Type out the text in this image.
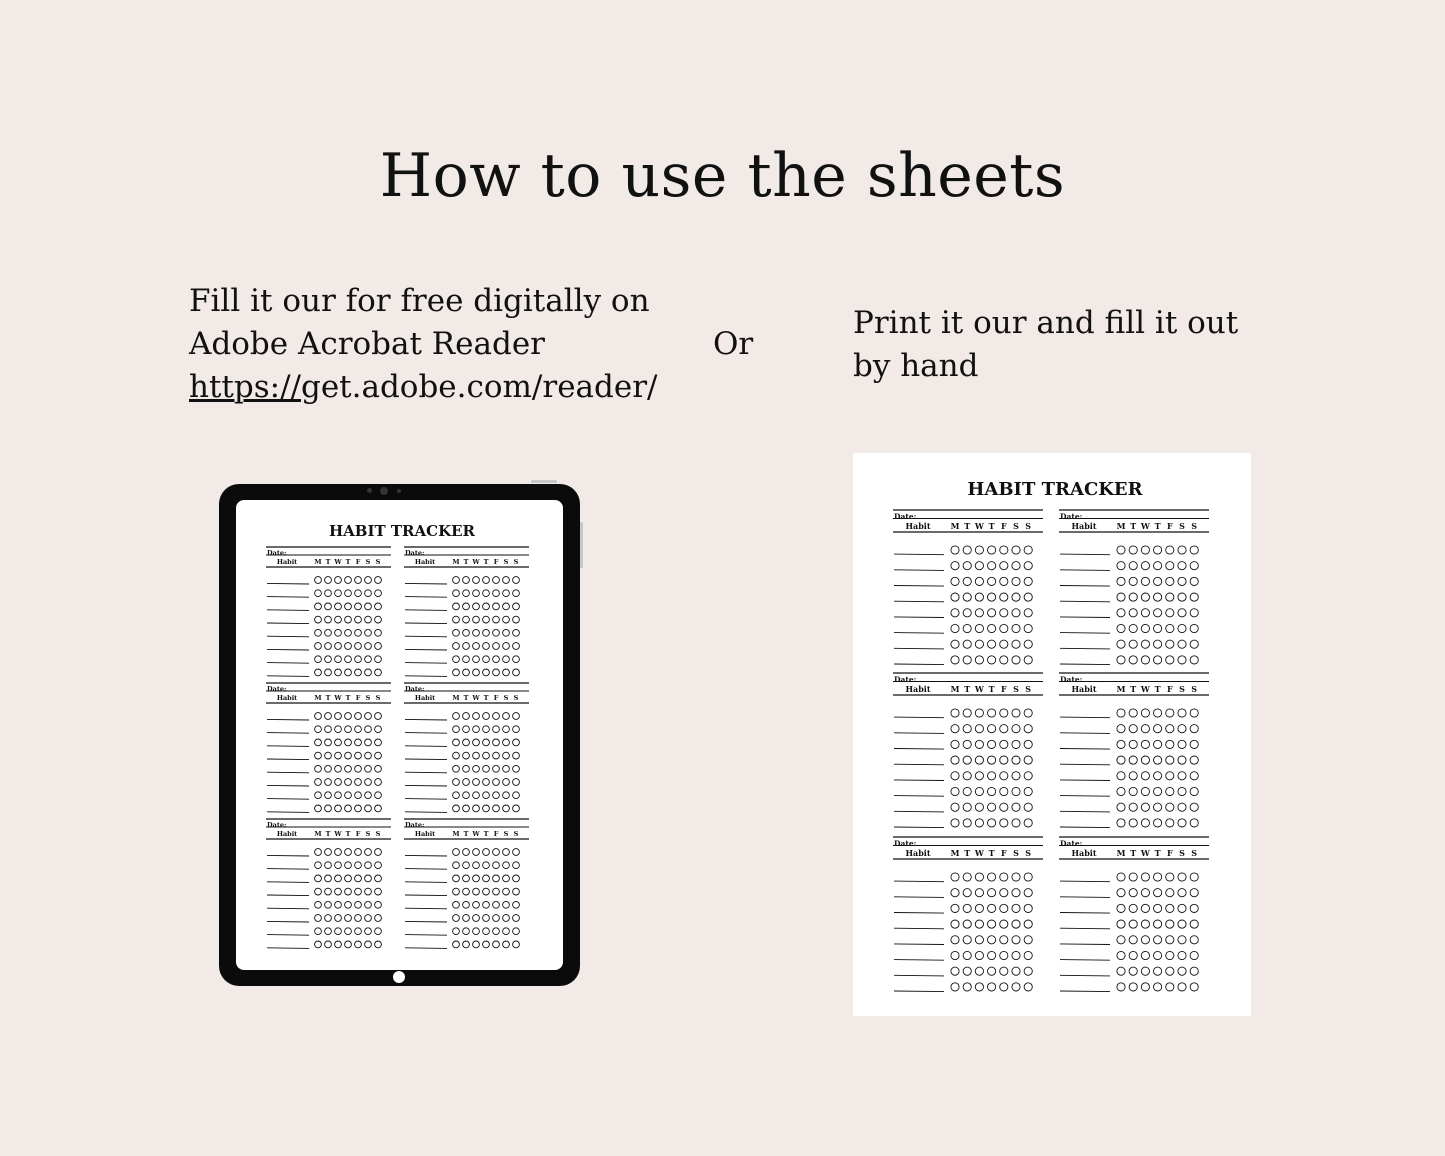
How to use the sheets
Fill it our for free digitally on
Adobe Acrobat Reader
https://get.adobe.com/reader/
Or
Print it our and fill it out by hand
HABIT TRACKER
Date:
Habit	M T W T F S S
Date:
Habit	M T W T F S S
Date:
Habit	M T W T F S S
Date:
Habit	M T W T F S S
Date:
Habit	M T W T F S S
Date:
Habit	M T W T F S S
HABIT TRACKER
Date:
Habit	M T W T F S S
Date:
Habit	M T W T F S S
Date:
Habit	M T W T F S S
Date:
Habit	M T W T F S S
Date:
Habit	M T W T F S S
Date:
Habit	M T W T F S S
